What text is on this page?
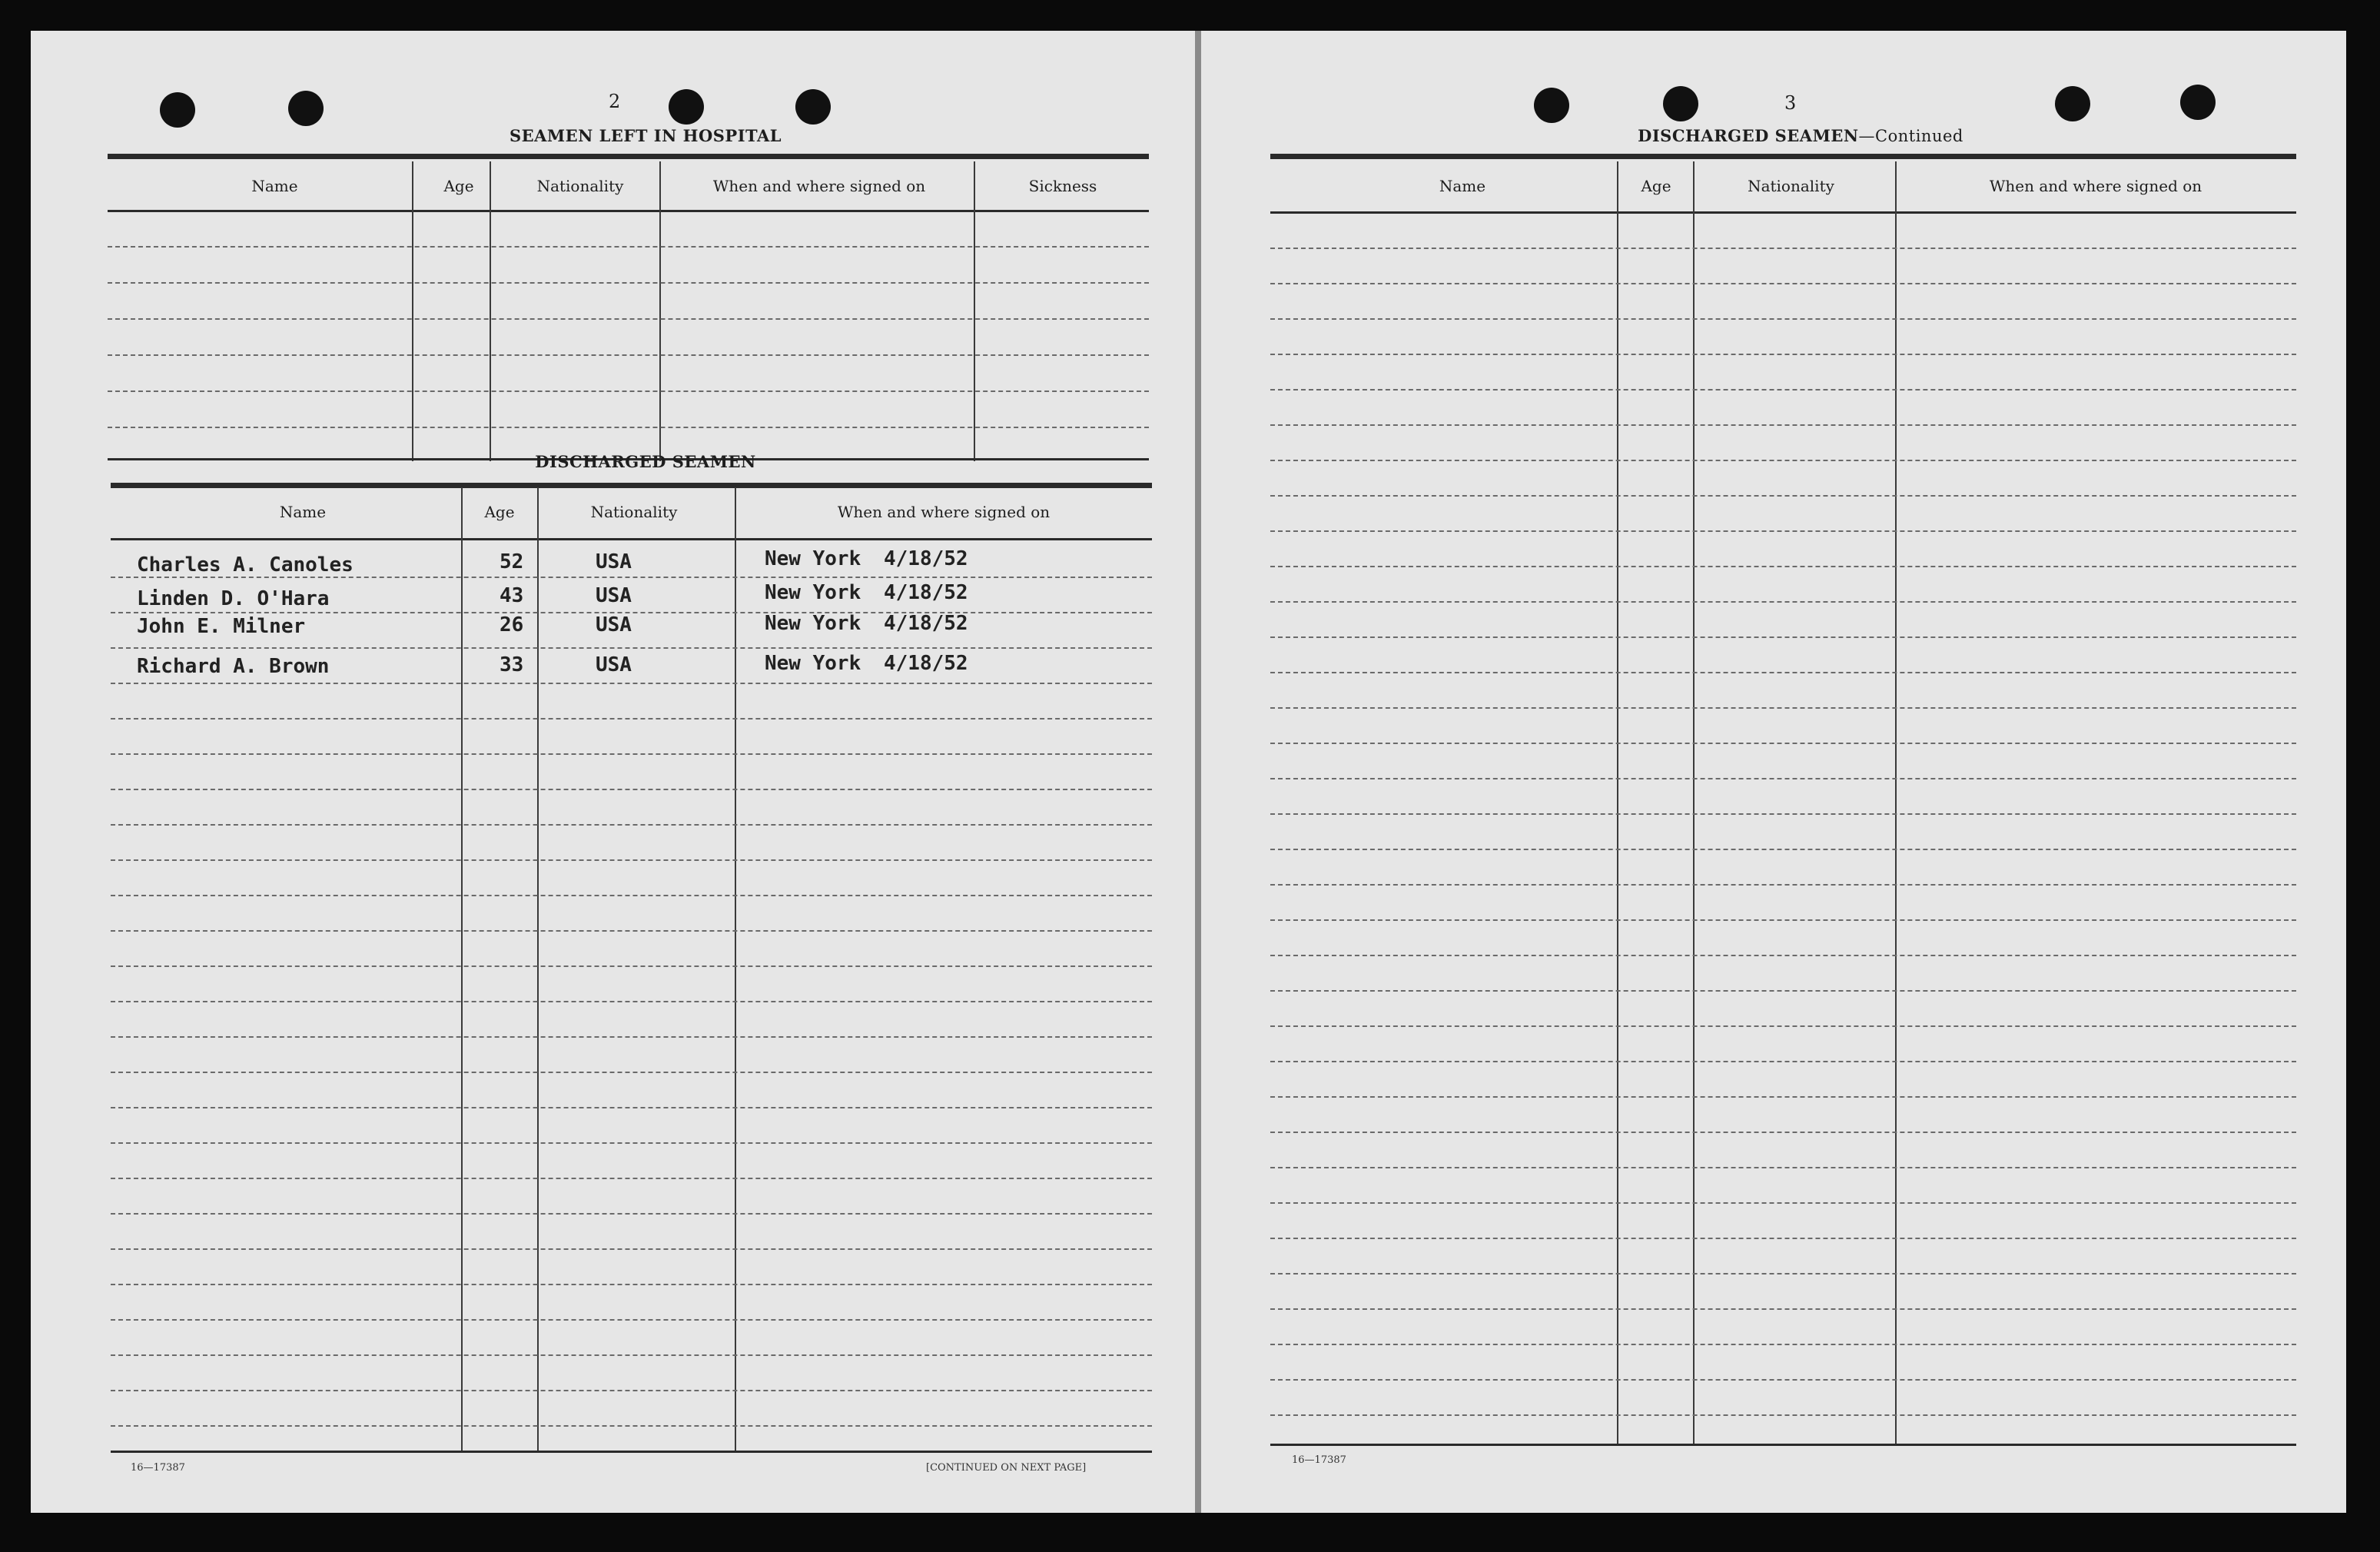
2
SEAMEN LEFT IN HOSPITAL
Name	Age	Nationality	When and where signed on	Sickness
DISCHARGED SEAMEN
Name	Age	Nationality	When and where signed on
Charles A. Canoles	52	USA	New York 4/18/52
Linden D. O'Hara	43	USA	New York 4/18/52
John E. Milner	26	USA	New York 4/18/52
Richard A. Brown	33	USA	New York 4/18/52
16—17387	[CONTINUED ON NEXT PAGE]
3
DISCHARGED SEAMEN—Continued
Name	Age	Nationality	When and where signed on
16—17387
